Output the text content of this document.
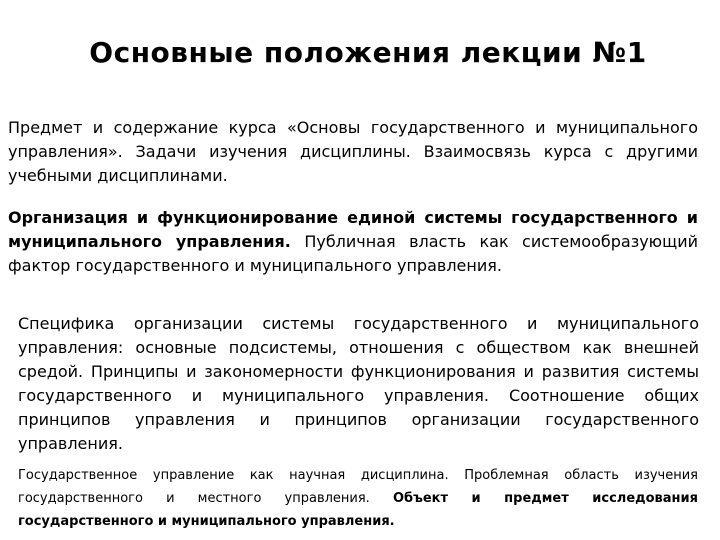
Основные положения лекции №1

Предмет и содержание курса «Основы государственного и муниципального управления». Задачи изучения дисциплины. Взаимосвязь курса с другими учебными дисциплинами.

Организация и функционирование единой системы государственного и муниципального управления. Публичная власть как системообразующий фактор государственного и муниципального управления.

Специфика организации системы государственного и муниципального управления: основные подсистемы, отношения с обществом как внешней средой. Принципы и закономерности функционирования и развития системы государственного и муниципального управления. Соотношение общих принципов управления и принципов организации государственного управления.

Государственное управление как научная дисциплина. Проблемная область изучения государственного и местного управления. Объект и предмет исследования государственного и муниципального управления.
